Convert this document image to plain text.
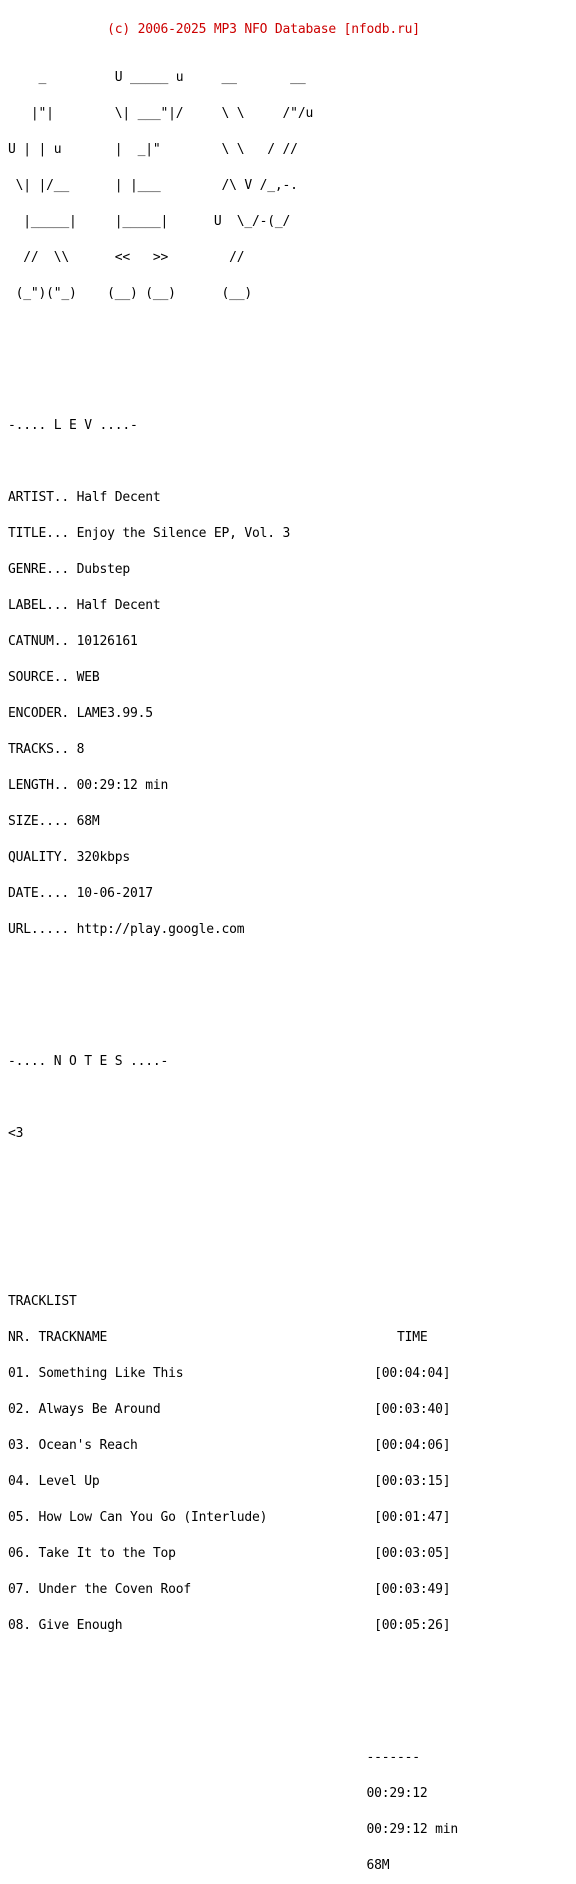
(c) 2006-2025 MP3 NFO Database [nfodb.ru]

_         U _____ u     __       __

|"|        \| ___"|/     \ \     /"/u

U | | u       |  _|"        \ \   / //

\| |/__      | |___        /\ V /_,-.

|_____|     |_____|      U  \_/-(_/

//  \\      <<   >>        //

(_")("_)    (__) (__)      (__)

-.... L E V ....-

ARTIST.. Half Decent

TITLE... Enjoy the Silence EP, Vol. 3

GENRE... Dubstep

LABEL... Half Decent

CATNUM.. 10126161

SOURCE.. WEB

ENCODER. LAME3.99.5

TRACKS.. 8

LENGTH.. 00:29:12 min

SIZE.... 68M

QUALITY. 320kbps

DATE.... 10-06-2017

URL..... http://play.google.com

-.... N O T E S ....-

<3

TRACKLIST

NR. TRACKNAME                                      TIME

01. Something Like This                         [00:04:04]

02. Always Be Around                            [00:03:40]

03. Ocean's Reach                               [00:04:06]

04. Level Up                                    [00:03:15]

05. How Low Can You Go (Interlude)              [00:01:47]

06. Take It to the Top                          [00:03:05]

07. Under the Coven Roof                        [00:03:49]

08. Give Enough                                 [00:05:26]

-------

00:29:12

00:29:12 min

68M
